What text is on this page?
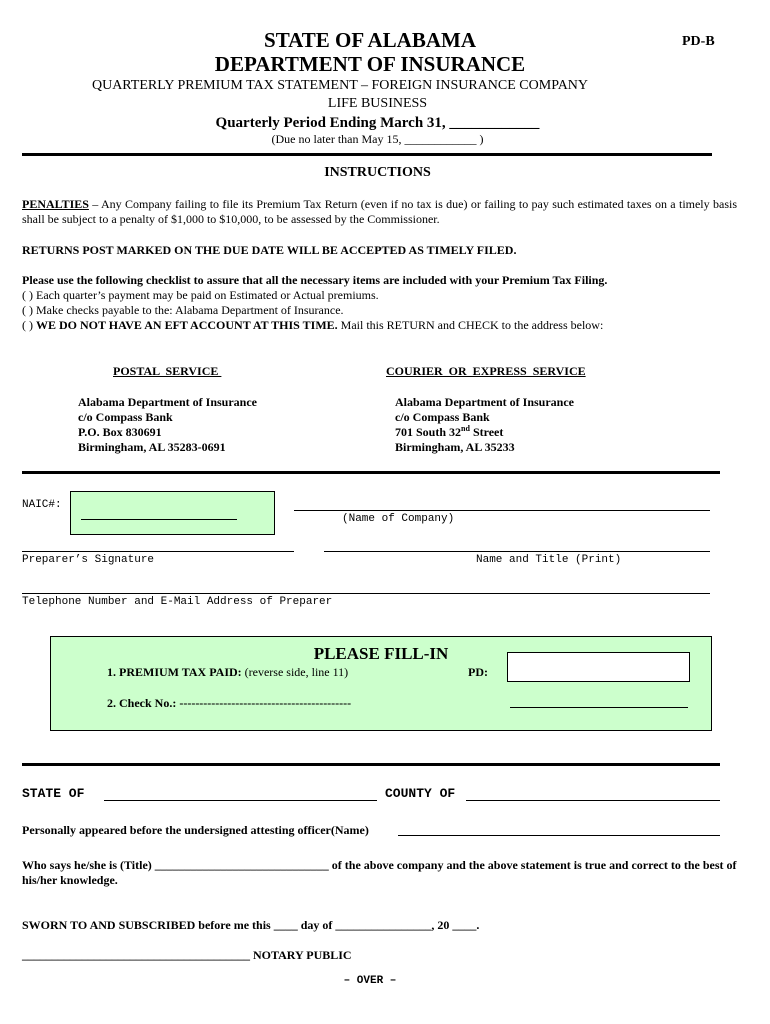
STATE OF ALABAMA
DEPARTMENT OF INSURANCE
PD-B
QUARTERLY PREMIUM TAX STATEMENT – FOREIGN INSURANCE COMPANY
LIFE BUSINESS
Quarterly Period Ending March 31, ____________
(Due no later than May 15, ____________ )
INSTRUCTIONS
PENALTIES – Any Company failing to file its Premium Tax Return (even if no tax is due) or failing to pay such estimated taxes on a timely basis shall be subject to a penalty of $1,000 to $10,000, to be assessed by the Commissioner.
RETURNS POST MARKED ON THE DUE DATE WILL BE ACCEPTED AS TIMELY FILED.
Please use the following checklist to assure that all the necessary items are included with your Premium Tax Filing.
( ) Each quarter’s payment may be paid on Estimated or Actual premiums.
( ) Make checks payable to the: Alabama Department of Insurance.
( ) WE DO NOT HAVE AN EFT ACCOUNT AT THIS TIME. Mail this RETURN and CHECK to the address below:
POSTAL  SERVICE
Alabama Department of Insurance
c/o Compass Bank
P.O. Box 830691
Birmingham, AL 35283-0691
COURIER  OR  EXPRESS  SERVICE
Alabama Department of Insurance
c/o Compass Bank
701 South 32nd Street
Birmingham, AL 35233
NAIC#:
(Name of Company)
Preparer’s Signature	Name and Title (Print)
Telephone Number and E-Mail Address of Preparer
PLEASE FILL-IN
1. PREMIUM TAX PAID: (reverse side, line 11)	PD:
2. Check No.: -------------------------------------------
STATE OF	COUNTY OF
Personally appeared before the undersigned attesting officer(Name)
Who says he/she is (Title) _____________________________ of the above company and the above statement is true and correct to the best of his/her knowledge.
SWORN TO AND SUBSCRIBED before me this ____ day of ________________, 20 ____.
______________________________________ NOTARY PUBLIC
– OVER –
